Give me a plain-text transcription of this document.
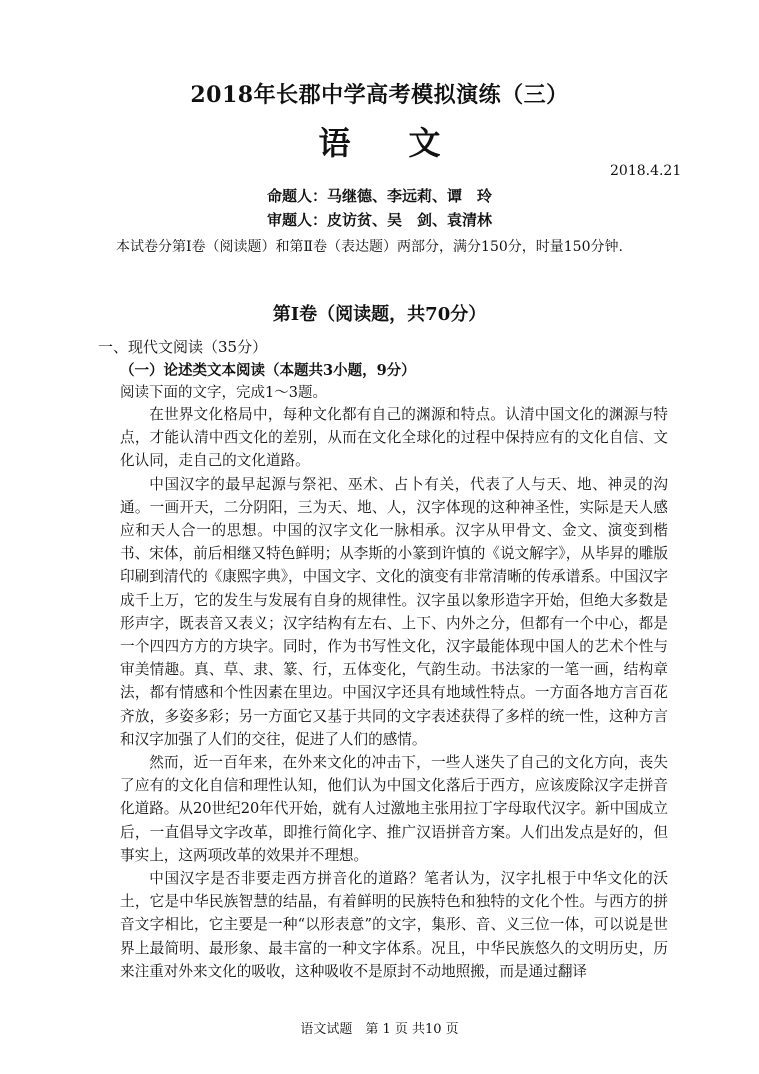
2018年长郡中学高考模拟演练（三）
语文
2018.4.21
命题人：马继德、李远莉、谭　玲
审题人：皮访贫、吴　剑、袁清林
本试卷分第Ⅰ卷（阅读题）和第Ⅱ卷（表达题）两部分，满分150分，时量150分钟.
第Ⅰ卷（阅读题，共70分）
一、现代文阅读（35分）
（一）论述类文本阅读（本题共3小题，9分）
阅读下面的文字，完成1～3题。

在世界文化格局中，每种文化都有自己的渊源和特点。认清中国文化的渊源与特点，才能认清中西文化的差别，从而在文化全球化的过程中保持应有的文化自信、文化认同，走自己的文化道路。

中国汉字的最早起源与祭祀、巫术、占卜有关，代表了人与天、地、神灵的沟通。一画开天，二分阴阳，三为天、地、人，汉字体现的这种神圣性，实际是天人感应和天人合一的思想。中国的汉字文化一脉相承。汉字从甲骨文、金文、演变到楷书、宋体，前后相继又特色鲜明；从李斯的小篆到许慎的《说文解字》，从毕昇的雕版印刷到清代的《康熙字典》，中国文字、文化的演变有非常清晰的传承谱系。中国汉字成千上万，它的发生与发展有自身的规律性。汉字虽以象形造字开始，但绝大多数是形声字，既表音又表义；汉字结构有左右、上下、内外之分，但都有一个中心，都是一个四四方方的方块字。同时，作为书写性文化，汉字最能体现中国人的艺术个性与审美情趣。真、草、隶、篆、行，五体变化，气韵生动。书法家的一笔一画，结构章法，都有情感和个性因素在里边。中国汉字还具有地域性特点。一方面各地方言百花齐放，多姿多彩；另一方面它又基于共同的文字表述获得了多样的统一性，这种方言和汉字加强了人们的交往，促进了人们的感情。

然而，近一百年来，在外来文化的冲击下，一些人迷失了自己的文化方向，丧失了应有的文化自信和理性认知，他们认为中国文化落后于西方，应该废除汉字走拼音化道路。从20世纪20年代开始，就有人过激地主张用拉丁字母取代汉字。新中国成立后，一直倡导文字改革，即推行简化字、推广汉语拼音方案。人们出发点是好的，但事实上，这两项改革的效果并不理想。

中国汉字是否非要走西方拼音化的道路？笔者认为，汉字扎根于中华文化的沃土，它是中华民族智慧的结晶，有着鲜明的民族特色和独特的文化个性。与西方的拼音文字相比，它主要是一种“以形表意”的文字，集形、音、义三位一体，可以说是世界上最简明、最形象、最丰富的一种文字体系。况且，中华民族悠久的文明历史，历来注重对外来文化的吸收，这种吸收不是原封不动地照搬，而是通过翻译

语文试题　第 1 页 共10 页
